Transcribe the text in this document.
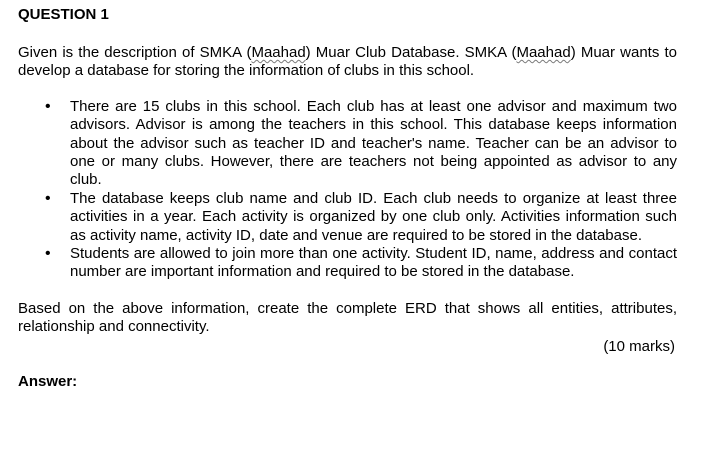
QUESTION 1

Given is the description of SMKA (Maahad) Muar Club Database. SMKA (Maahad) Muar wants to develop a database for storing the information of clubs in this school.

• There are 15 clubs in this school. Each club has at least one advisor and maximum two advisors. Advisor is among the teachers in this school. This database keeps information about the advisor such as teacher ID and teacher's name. Teacher can be an advisor to one or many clubs. However, there are teachers not being appointed as advisor to any club.
• The database keeps club name and club ID. Each club needs to organize at least three activities in a year. Each activity is organized by one club only. Activities information such as activity name, activity ID, date and venue are required to be stored in the database.
• Students are allowed to join more than one activity. Student ID, name, address and contact number are important information and required to be stored in the database.

Based on the above information, create the complete ERD that shows all entities, attributes, relationship and connectivity.

(10 marks)

Answer:
